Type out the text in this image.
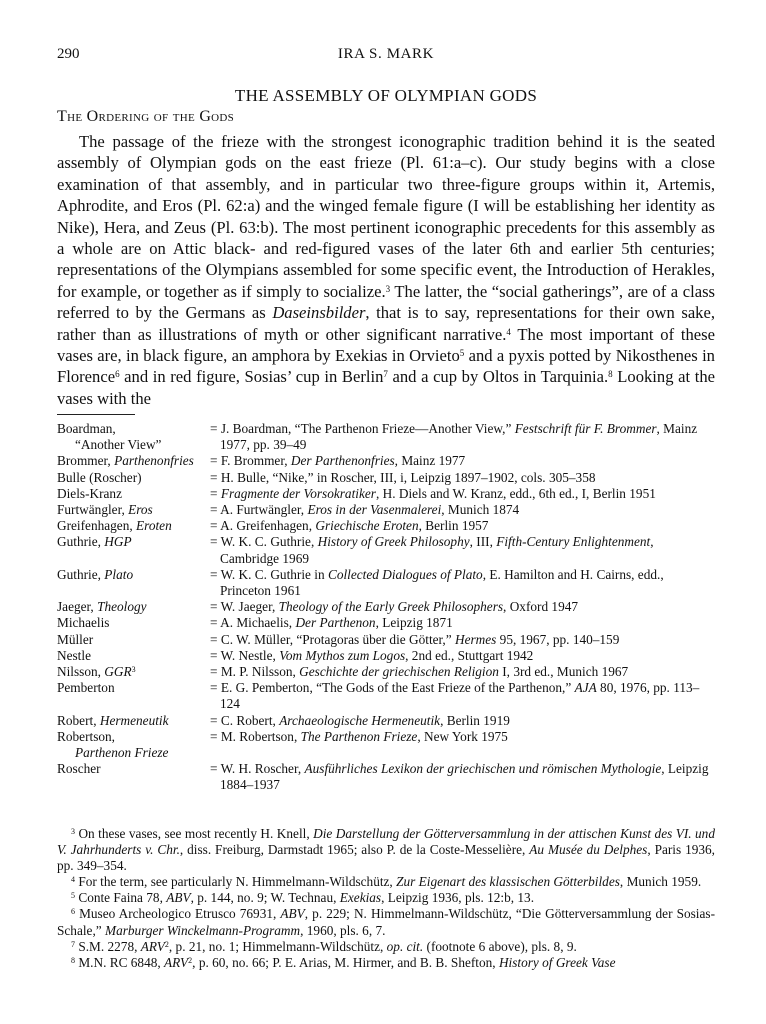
290	IRA S. MARK
THE ASSEMBLY OF OLYMPIAN GODS
The Ordering of the Gods

The passage of the frieze with the strongest iconographic tradition behind it is the seated assembly of Olympian gods on the east frieze (Pl. 61:a–c). Our study begins with a close examination of that assembly, and in particular two three-figure groups within it, Artemis, Aphrodite, and Eros (Pl. 62:a) and the winged female figure (I will be establishing her identity as Nike), Hera, and Zeus (Pl. 63:b). The most pertinent iconographic precedents for this assembly as a whole are on Attic black- and red-figured vases of the later 6th and earlier 5th centuries; representations of the Olympians assembled for some specific event, the Introduction of Herakles, for example, or together as if simply to socialize.$^3$ The latter, the “social gatherings”, are of a class referred to by the Germans as Daseinsbilder, that is to say, representations for their own sake, rather than as illustrations of myth or other significant narrative.$^4$ The most important of these vases are, in black figure, an amphora by Exekias in Orvieto$^5$ and a pyxis potted by Nikosthenes in Florence$^6$ and in red figure, Sosias’ cup in Berlin$^7$ and a cup by Oltos in Tarquinia.$^8$ Looking at the vases with the

Boardman,
“Another View”
= J. Boardman, “The Parthenon Frieze—Another View,” Festschrift für F. Brommer, Mainz 1977, pp. 39–49
Brommer, Parthenonfries	= F. Brommer, Der Parthenonfries, Mainz 1977
Bulle (Roscher)	= H. Bulle, “Nike,” in Roscher, III, i, Leipzig 1897–1902, cols. 305–358
Diels-Kranz	= Fragmente der Vorsokratiker, H. Diels and W. Kranz, edd., 6th ed., I, Berlin 1951
Furtwängler, Eros	= A. Furtwängler, Eros in der Vasenmalerei, Munich 1874
Greifenhagen, Eroten	= A. Greifenhagen, Griechische Eroten, Berlin 1957
Guthrie, HGP	= W. K. C. Guthrie, History of Greek Philosophy, III, Fifth-Century Enlightenment, Cambridge 1969
Guthrie, Plato	= W. K. C. Guthrie in Collected Dialogues of Plato, E. Hamilton and H. Cairns, edd., Princeton 1961
Jaeger, Theology	= W. Jaeger, Theology of the Early Greek Philosophers, Oxford 1947
Michaelis	= A. Michaelis, Der Parthenon, Leipzig 1871
Müller	= C. W. Müller, “Protagoras über die Götter,” Hermes 95, 1967, pp. 140–159
Nestle	= W. Nestle, Vom Mythos zum Logos, 2nd ed., Stuttgart 1942
Nilsson, $GGR^3$	= M. P. Nilsson, Geschichte der griechischen Religion I, 3rd ed., Munich 1967
Pemberton	= E. G. Pemberton, “The Gods of the East Frieze of the Parthenon,” AJA 80, 1976, pp. 113–124
Robert, Hermeneutik	= C. Robert, Archaeologische Hermeneutik, Berlin 1919
Robertson,
Parthenon Frieze
= M. Robertson, The Parthenon Frieze, New York 1975
Roscher	= W. H. Roscher, Ausführliches Lexikon der griechischen und römischen Mythologie, Leipzig 1884–1937
$^3$ On these vases, see most recently H. Knell, Die Darstellung der Götterversammlung in der attischen Kunst des VI. und V. Jahrhunderts v. Chr., diss. Freiburg, Darmstadt 1965; also P. de la Coste-Messelière, Au Musée du Delphes, Paris 1936, pp. 349–354.
$^4$ For the term, see particularly N. Himmelmann-Wildschütz, Zur Eigenart des klassischen Götterbildes, Munich 1959.
$^5$ Conte Faina 78, ABV, p. 144, no. 9; W. Technau, Exekias, Leipzig 1936, pls. 12:b, 13.
$^6$ Museo Archeologico Etrusco 76931, ABV, p. 229; N. Himmelmann-Wildschütz, “Die Götterversammlung der Sosias-Schale,” Marburger Winckelmann-Programm, 1960, pls. 6, 7.
$^7$ S.M. 2278, ARV$^2$, p. 21, no. 1; Himmelmann-Wildschütz, op. cit. (footnote 6 above), pls. 8, 9.
$^8$ M.N. RC 6848, ARV$^2$, p. 60, no. 66; P. E. Arias, M. Hirmer, and B. B. Shefton, History of Greek Vase
